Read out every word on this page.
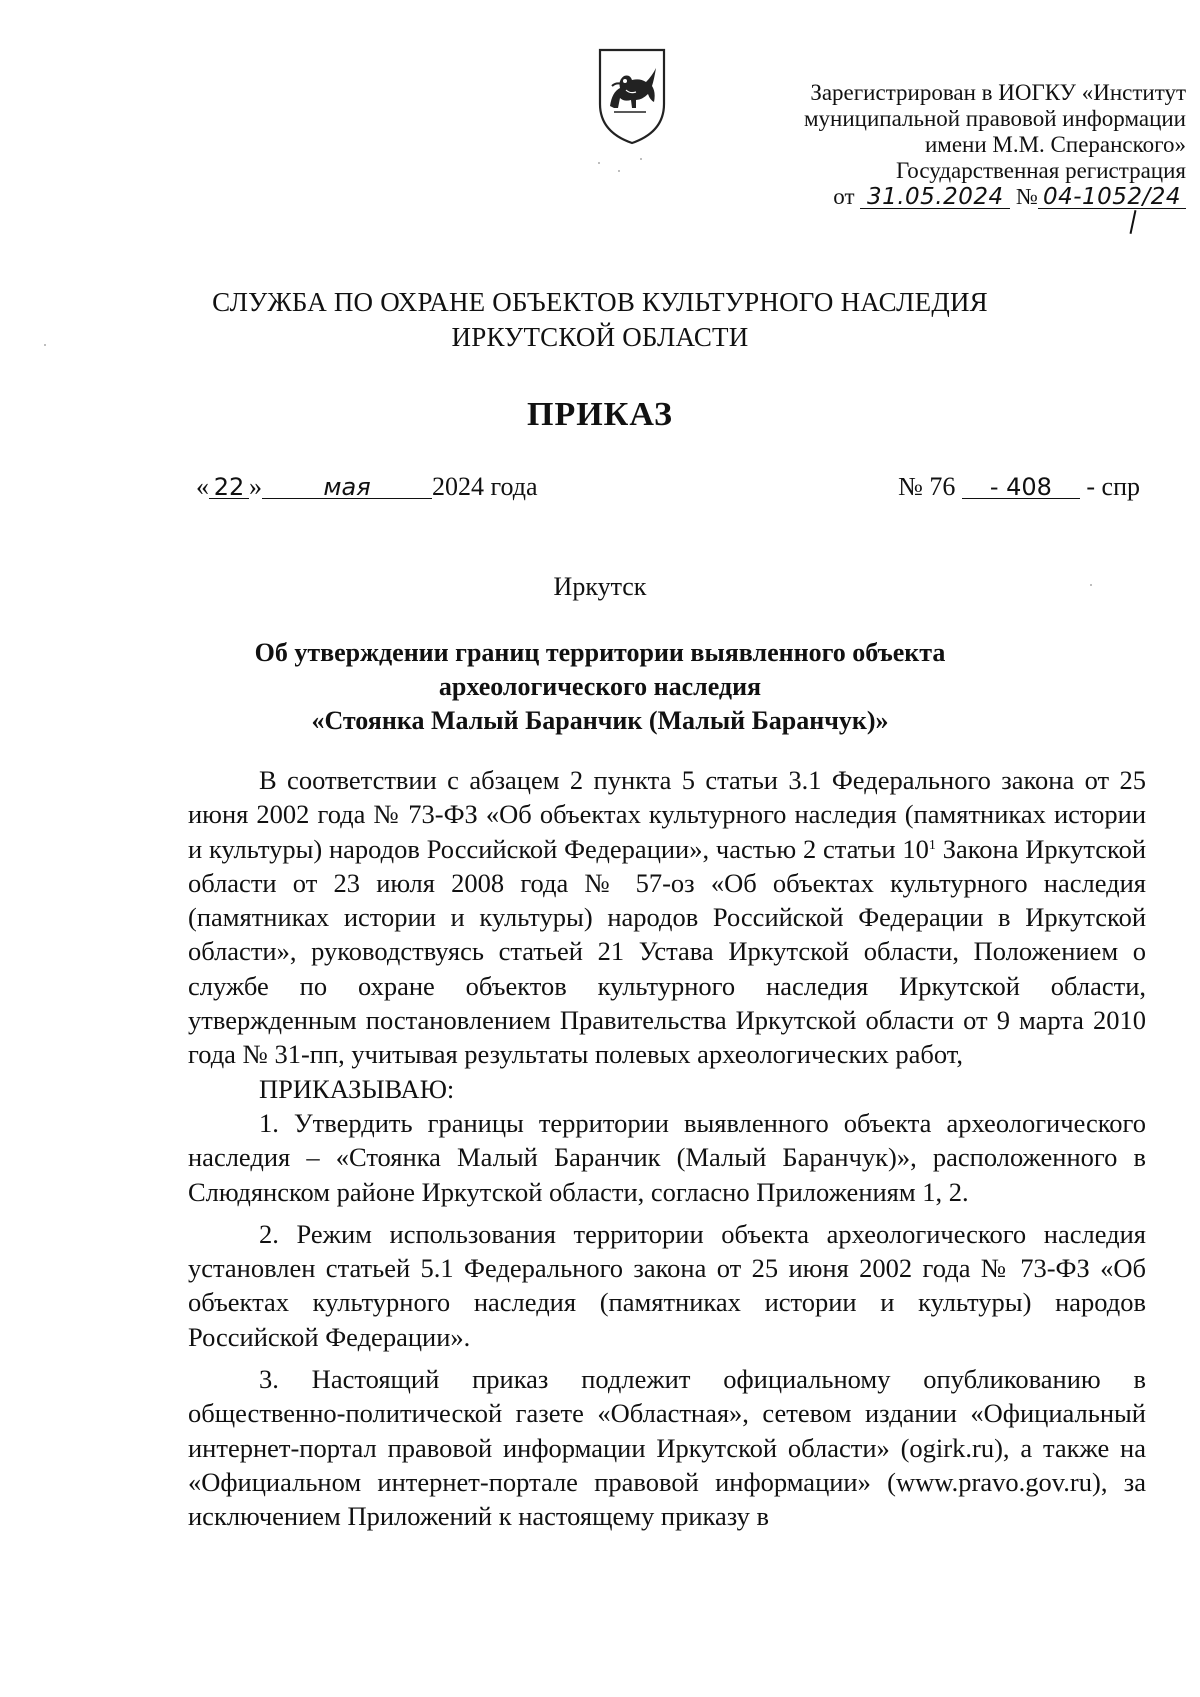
Зарегистрирован в ИОГКУ «Институт
муниципальной правовой информации
имени М.М. Сперанского»
Государственная регистрация
от 31.05.2024 № 04-1052/24
СЛУЖБА ПО ОХРАНЕ ОБЪЕКТОВ КУЛЬТУРНОГО НАСЛЕДИЯ
ИРКУТСКОЙ ОБЛАСТИ
ПРИКАЗ
« 22 »	мая 2024 года	№ 76 - 408 - спр
Иркутск
Об утверждении границ территории выявленного объекта
археологического наследия
«Стоянка Малый Баранчик (Малый Баранчук)»

В соответствии с абзацем 2 пункта 5 статьи 3.1 Федерального закона от 25 июня 2002 года № 73-ФЗ «Об объектах культурного наследия (памятниках истории и культуры) народов Российской Федерации», частью 2 статьи $10^1$ Закона Иркутской области от 23 июля 2008 года № 57-оз «Об объектах культурного наследия (памятниках истории и культуры) народов Российской Федерации в Иркутской области», руководствуясь статьей 21 Устава Иркутской области, Положением о службе по охране объектов культурного наследия Иркутской области, утвержденным постановлением Правительства Иркутской области от 9 марта 2010 года № 31-пп, учитывая результаты полевых археологических работ,

ПРИКАЗЫВАЮ:

1. Утвердить границы территории выявленного объекта археологического наследия – «Стоянка Малый Баранчик (Малый Баранчук)», расположенного в Слюдянском районе Иркутской области, согласно Приложениям 1, 2.

2. Режим использования территории объекта археологического наследия установлен статьей 5.1 Федерального закона от 25 июня 2002 года № 73-ФЗ «Об объектах культурного наследия (памятниках истории и культуры) народов Российской Федерации».

3. Настоящий приказ подлежит официальному опубликованию в общественно-политической газете «Областная», сетевом издании «Официальный интернет-портал правовой информации Иркутской области» (ogirk.ru), а также на «Официальном интернет-портале правовой информации» (www.pravo.gov.ru), за исключением Приложений к настоящему приказу в
